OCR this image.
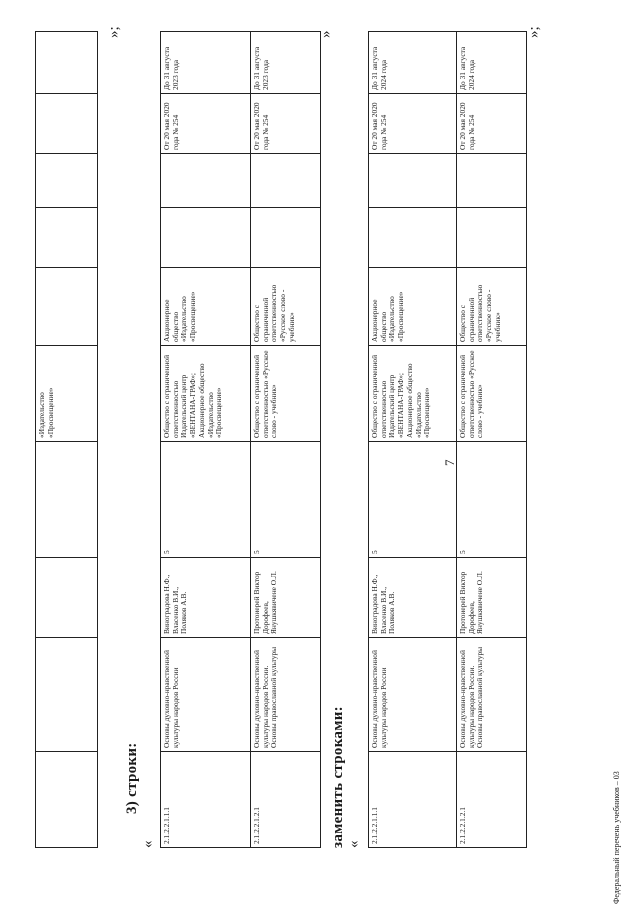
7
				«Издательство
«Просвещение»					
»;
3) строки:
«
2.1.2.2.1.1.1	Основы духовно-нравственной культуры народов России	Виноградова Н.Ф., Власенко В.И., Поляков А.В.	5	Общество с ограниченной ответственностью Издательский центр «ВЕНТАНА-ГРАФ»; Акционерное общество «Издательство «Просвещение»	Акционерное общество «Издательство «Просвещение»			От 20 мая 2020 года № 254	До 31 августа 2023 года
2.1.2.2.1.2.1	Основы духовно-нравственной культуры народов России. Основы православной культуры	Протоиерей Виктор Дорофеев, Янушкявичене О.Л.	5	Общество с ограниченной ответственностью «Русское слово - учебник»	Общество с ограниченной ответственностью «Русское слово - учебник»			От 20 мая 2020 года № 254	До 31 августа 2023 года
»
заменить строками: «
2.1.2.2.1.1.1	Основы духовно-нравственной культуры народов России	Виноградова Н.Ф., Власенко В.И., Поляков А.В.	5	Общество с ограниченной ответственностью Издательский центр «ВЕНТАНА-ГРАФ»; Акционерное общество «Издательство «Просвещение»	Акционерное общество «Издательство «Просвещение»			От 20 мая 2020 года № 254	До 31 августа 2024 года
2.1.2.2.1.2.1	Основы духовно-нравственной культуры народов России. Основы православной культуры	Протоиерей Виктор Дорофеев, Янушкявичене О.Л.	5	Общество с ограниченной ответственностью «Русское слово - учебник»	Общество с ограниченной ответственностью «Русское слово - учебник»			От 20 мая 2020 года № 254	До 31 августа 2024 года
»;
Федеральный перечень учебников – 03
